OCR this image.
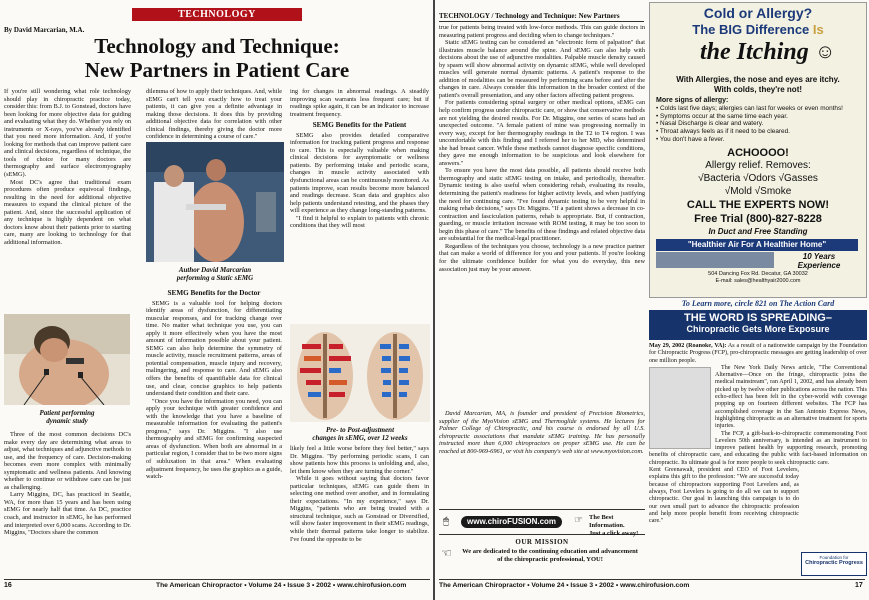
TECHNOLOGY
By David Marcarian, M.A.
Technology and Technique:
New Partners in Patient Care

If you're still wondering what role technology should play in chiropractic practice today, consider this: from B.J. to Gonstead, doctors have been looking for more objective data for guiding and evaluating what they do. Whether you rely on instruments or X-rays, you've already identified that you need more information. And, if you're looking for methods that can improve patient care and clinical decisions, regardless of technique, the tools of choice for many doctors are thermography and surface electromyography (sEMG).

Most DC's agree that traditional exam procedures often produce equivocal findings, resulting in the need for additional objective measures to expand the clinical picture of the patient. And, since the successful application of any technique is highly dependent on what doctors know about their patients prior to starting care, many are looking to technology for that additional information.

Patient performing
dynamic study

Three of the most common decisions DC's make every day are determining what areas to adjust, what techniques and adjunctive methods to use, and the frequency of care. Decision-making becomes even more complex with minimally symptomatic and wellness patients. And knowing whether to continue or withdraw care can be just as challenging.

Larry Miggins, DC, has practiced in Seattle, WA, for more than 15 years and has been using sEMG for nearly half that time. As DC, practice coach, and instructor in sEMG, he has performed and interpreted over 6,000 scans. According to Dr. Miggins, "Doctors share the common

dilemma of how to apply their techniques. And, while sEMG can't tell you exactly how to treat your patients, it can give you a definite advantage in making those decisions. It does this by providing additional objective data for correlation with other clinical findings, thereby giving the doctor more confidence in determining a course of care."

Author David Marcarian
performing a Static sEMG
SEMG Benefits for the Doctor

SEMG is a valuable tool for helping doctors identify areas of dysfunction, for differentiating muscular responses, and for tracking change over time. No matter what technique you use, you can apply it more effectively when you have the most amount of information possible about your patient. SEMG can also help determine the symmetry of muscle activity, muscle recruitment patterns, areas of potential compensation, muscle injury and recovery, malingering, and response to care. And sEMG also offers the benefits of quantifiable data for clinical use, and clear, concise graphics to help patients understand their condition and their care.

"Once you have the information you need, you can apply your technique with greater confidence and with the knowledge that you have a baseline of measurable information for evaluating the patient's progress," says Dr. Miggins. "I also use thermography and sEMG for confirming suspected areas of dysfunction. When both are abnormal in a particular region, I consider that to be two more signs of subluxation in that area." When evaluating adjustment frequency, he uses the graphics as a guide, watch-

ing for changes in abnormal readings. A steadily improving scan warrants less frequent care; but if readings spike again, it can be an indicator to increase treatment frequency.

SEMG Benefits for the Patient

SEMG also provides detailed comparative information for tracking patient progress and response to care. This is especially valuable when making clinical decisions for asymptomatic or wellness patients. By performing intake and periodic scans, changes in muscle activity associated with dysfunctional areas can be continuously monitored. As patients improve, scan results become more balanced and readings decrease. Scan data and graphics also help patients understand retesting, and the phases they will experience as they change long-standing patterns.

"I find it helpful to explain to patients with chronic conditions that they will most

Pre- to Post-adjustment
changes in sEMG, over 12 weeks

likely feel a little worse before they feel better," says Dr. Miggins. "By performing periodic scans, I can show patients how this process is unfolding and, also, let them know when they are turning the corner."

While it goes without saying that doctors favor particular techniques, sEMG can guide them in selecting one method over another, and in formulating their expectations. "In my experience," says Dr. Miggins, "patients who are being treated with a structural technique, such as Gonstead or Diversified, will show faster improvement in their sEMG readings, while their thermal patterns take longer to stabilize. I've found the opposite to be

16	The American Chiropractor • Volume 24 • Issue 3 • 2002 • www.chirofusion.com
TECHNOLOGY / Technology and Technique: New Partners

true for patients being treated with low-force methods. This can guide doctors in measuring patient progress and deciding when to change techniques."

Static sEMG testing can be considered an "electronic form of palpation" that illustrates muscle balance around the spine. And sEMG can also help with decisions about the use of adjunctive modalities. Palpable muscle density caused by spasm will show abnormal activity on dynamic sEMG, while well developed muscles will generate normal dynamic patterns. A patient's response to the addition of modalities can be measured by performing scans before and after the changes in care. Always consider this information in the broader context of the patient's overall presentation, and any other factors affecting patient progress.

For patients considering spinal surgery or other medical options, sEMG can help confirm progress under chiropractic care, or show that conservative methods are not yielding the desired results. For Dr. Miggins, one series of scans had an unexpected outcome. "A female patient of mine was progressing normally in every way, except for her thermography readings in the T2 to T4 region. I was uncomfortable with this finding and I referred her to her MD, who determined she had breast cancer. While these methods cannot diagnose specific conditions, they gave me enough information to be suspicious and look elsewhere for answers."

To ensure you have the most data possible, all patients should receive both thermography and static sEMG testing on intake, and periodically, thereafter. Dynamic testing is also useful when considering rehab, evaluating its results, determining the patient's readiness for higher activity levels, and when justifying the need for continuing care. "I've found dynamic testing to be very helpful in making rehab decisions," says Dr. Miggins. "If a patient shows a decrease in co-contraction and fasciculation patterns, rehab is appropriate. But, if contraction, guarding, or muscle irritation increase with ROM testing, it may be too soon to begin this phase of care." The benefits of these findings and related objective data are substantial for the medical-legal practitioner.

Regardless of the techniques you choose, technology is a new practice partner that can make a world of difference for you and your patients. If you're looking for the ultimate confidence builder for what you do everyday, this new association just may be your answer.

David Marcarian, MA, is founder and president of Precision Biometrics, supplier of the MyoVision sEMG and Thermoglide systems. He lectures for Palmer College of Chiropractic, and his course is endorsed by all U.S. chiropractic associations that mandate sEMG training. He has personally instructed more than 6,000 chiropractors on proper sEMG use. He can be reached at 800-969-6961, or visit his company's web site at www.myovision.com.

🖱	www.chiroFUSION.com	☞ The Best Information.
Just a click away!
OUR MISSION
☜	We are dedicated to the continuing education and advancement of the chiropractic professional, YOU!
The American Chiropractor • Volume 24 • Issue 3 • 2002 • www.chirofusion.com	17
Cold or Allergy?
The BIG Difference Is
the Itching ☺
With Allergies, the nose and eyes are itchy.
With colds, they're not!
More signs of allergy:
• Colds last five days; allergies can last for weeks or even months!
• Symptoms occur at the same time each year.
• Nasal Discharge is clear and watery.
• Throat always feels as if it need to be cleared.
• You don't have a fever.
ACHOOOO!
Allergy relief. Removes:
√Bacteria √Odors √Gasses
√Mold √Smoke
CALL THE EXPERTS NOW!
Free Trial (800)-827-8228
In Duct and Free Standing
"Healthier Air For A Healthier Home"
10 Years
Experience
504 Dancing Fox Rd. Decatur, GA 30032
E-mail: sales@healthyair2000.com
To Learn more, circle 821 on The Action Card
THE WORD IS SPREADING–
Chiropractic Gets More Exposure

May 29, 2002 (Roanoke, VA): As a result of a nationwide campaign by the Foundation for Chiropractic Progress (FCP), pro-chiropractic messages are getting leadership of over one million people.

The New York Daily News article, "The Conventional Alternative—Once on the fringe, chiropractic joins the medical mainstream", ran April 1, 2002, and has already been picked up by twelve other publications across the nation. This echo-effect has been felt in the cyber-world with coverage popping up on fourteen different websites. The FCP has accomplished coverage in the San Antonio Express News, highlighting chiropractic as an alternative treatment for sports injuries.

The FCP, a gift-back-to-chiropractic commemorating Foot Levelers 50th anniversary, is intended as an instrument to improve patient health by supporting research, promoting benefits of chiropractic care, and educating the public with fact-based information on chiropractic. Its ultimate goal is for more people to seek chiropractic care.

Kent Greenawalt, president and CEO of Foot Levelers, explains this gift to the profession: "We are successful today because of chiropractors supporting Foot Levelers and, as always, Foot Levelers is going to do all we can to support chiropractic. Our goal in launching this campaign is to do our own small part to advance the chiropractic profession and help more people benefit from receiving chiropractic care."

Foundation for
Chiropractic Progress
